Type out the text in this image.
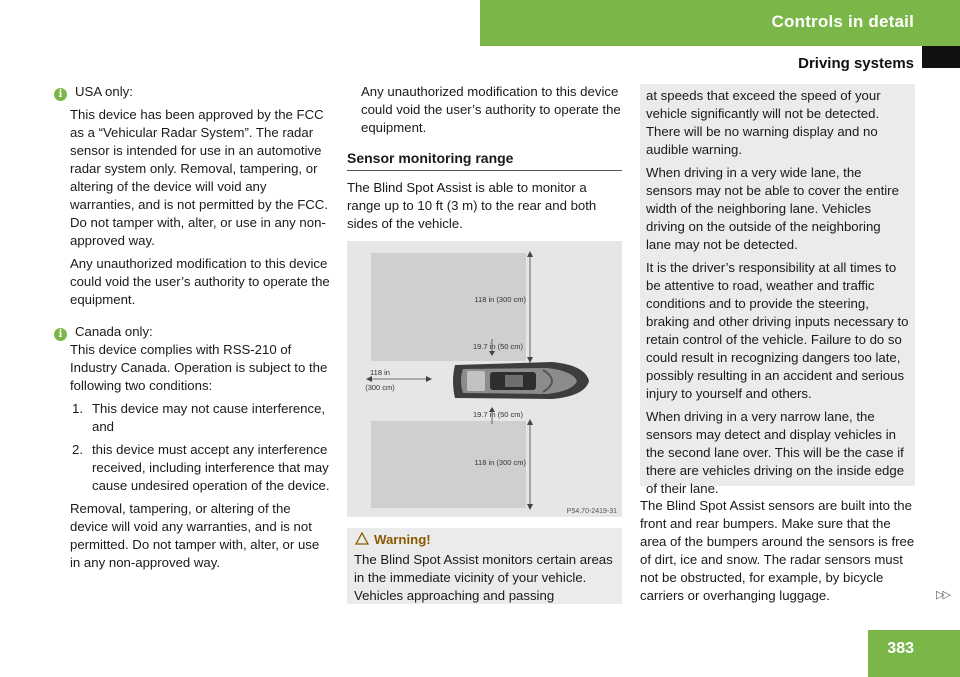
Controls in detail
Driving systems

i USA only:

This device has been approved by the FCC as a “Vehicular Radar System”. The radar sensor is intended for use in an automotive radar system only. Removal, tampering, or altering of the device will void any warranties, and is not permitted by the FCC. Do not tamper with, alter, or use in any non-approved way.

Any unauthorized modification to this device could void the user’s authority to operate the equipment.

i Canada only:

This device complies with RSS-210 of Industry Canada. Operation is subject to the following two conditions:

1. This device may not cause interference, and
2. this device must accept any interference received, including interference that may cause undesired operation of the device.

Removal, tampering, or altering of the device will void any warranties, and is not permitted. Do not tamper with, alter, or use in any non-approved way.

Any unauthorized modification to this device could void the user’s authority to operate the equipment.

Sensor monitoring range

The Blind Spot Assist is able to monitor a range up to 10 ft (3 m) to the rear and both sides of the vehicle.

118 in (300 cm)
118 in (300 cm)
19.7 in (50 cm)
19.7 in (50 cm)
118 in
(300 cm)
P54.70-2419-31
Warning!
The Blind Spot Assist monitors certain areas in the immediate vicinity of your vehicle. Vehicles approaching and passing

at speeds that exceed the speed of your vehicle significantly will not be detected. There will be no warning display and no audible warning.

When driving in a very wide lane, the sensors may not be able to cover the entire width of the neighboring lane. Vehicles driving on the outside of the neighboring lane may not be detected.

It is the driver’s responsibility at all times to be attentive to road, weather and traffic conditions and to provide the steering, braking and other driving inputs necessary to retain control of the vehicle. Failure to do so could result in recognizing dangers too late, possibly resulting in an accident and serious injury to yourself and others.

When driving in a very narrow lane, the sensors may detect and display vehicles in the second lane over. This will be the case if there are vehicles driving on the inside edge of their lane.

The Blind Spot Assist sensors are built into the front and rear bumpers. Make sure that the area of the bumpers around the sensors is free of dirt, ice and snow. The radar sensors must not be obstructed, for example, by bicycle carriers or overhanging luggage.	▷▷
383
